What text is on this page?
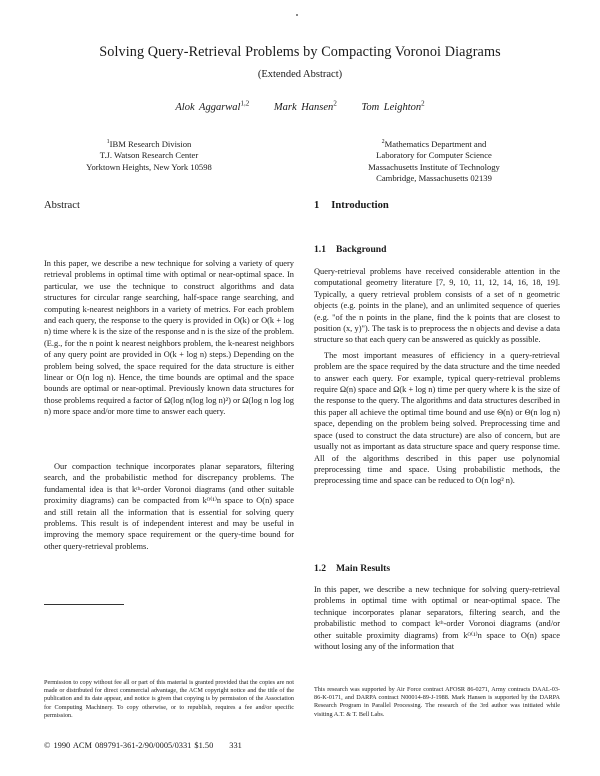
Solving Query-Retrieval Problems by Compacting Voronoi Diagrams
(Extended Abstract)
Alok Aggarwal$^{1,2}$ Mark Hansen$^2$ Tom Leighton$^2$
$^1$IBM Research Division
T.J. Watson Research Center
Yorktown Heights, New York 10598
$^2$Mathematics Department and
Laboratory for Computer Science
Massachusetts Institute of Technology
Cambridge, Massachusetts 02139
Abstract	1 Introduction
1.1 Background
In this paper, we describe a new technique for solving a variety of query retrieval problems in optimal time with optimal or near-optimal space. In particular, we use the technique to construct algorithms and data structures for circular range searching, half-space range searching, and computing k-nearest neighbors in a variety of metrics. For each problem and each query, the response to the query is provided in O(k) or O(k + log n) time where k is the size of the response and n is the size of the problem. (E.g., for the n point k nearest neighbors problem, the k-nearest neighbors of any query point are provided in O(k + log n) steps.) Depending on the problem being solved, the space required for the data structure is either linear or O(n log n). Hence, the time bounds are optimal and the space bounds are optimal or near-optimal. Previously known data structures for those problems required a factor of Ω(log n(log log n)²) or Ω(log n log log n) more space and/or more time to answer each query.
Our compaction technique incorporates planar separators, filtering search, and the probabilistic method for discrepancy problems. The fundamental idea is that kᵗʰ-order Voronoi diagrams (and other suitable proximity diagrams) can be compacted from kᴼ⁽¹⁾n space to O(n) space and still retain all the information that is essential for solving query problems. This result is of independent interest and may be useful in improving the memory space requirement or the query-time bound for other query-retrieval problems.

Query-retrieval problems have received considerable attention in the computational geometry literature [7, 9, 10, 11, 12, 14, 16, 18, 19]. Typically, a query retrieval problem consists of a set of n geometric objects (e.g. points in the plane), and an unlimited sequence of queries (e.g. "of the n points in the plane, find the k points that are closest to position (x, y)"). The task is to preprocess the n objects and devise a data structure so that each query can be answered as quickly as possible.

The most important measures of efficiency in a query-retrieval problem are the space required by the data structure and the time needed to answer each query. For example, typical query-retrieval problems require Ω(n) space and Ω(k + log n) time per query where k is the size of the response to the query. The algorithms and data structures described in this paper all achieve the optimal time bound and use Θ(n) or Θ(n log n) space, depending on the problem being solved. Preprocessing time and space (used to construct the data structure) are also of concern, but are usually not as important as data structure space and query response time. All of the algorithms described in this paper use polynomial preprocessing time and space. Using probabilistic methods, the preprocessing time and space can be reduced to O(n log² n).

1.2 Main Results
In this paper, we describe a new technique for solving query-retrieval problems in optimal time with optimal or near-optimal space. The technique incorporates planar separators, filtering search, and the probabilistic method to compact kᵗʰ-order Voronoi diagrams (and/or other suitable proximity diagrams) from kᴼ⁽¹⁾n space to O(n) space without losing any of the information that
Permission to copy without fee all or part of this material is granted provided that the copies are not made or distributed for direct commercial advantage, the ACM copyright notice and the title of the publication and its date appear, and notice is given that copying is by permission of the Association for Computing Machinery. To copy otherwise, or to republish, requires a fee and/or specific permission.
This research was supported by Air Force contract AFOSR 86-0271, Army contracts DAAL-03-86-K-0171, and DARPA contract N00014-89-J-1988. Mark Hansen is supported by the DARPA Research Program in Parallel Processing. The research of the 3rd author was initiated while visiting A.T. & T. Bell Labs.
© 1990 ACM 089791-361-2/90/0005/0331 $1.50 331
